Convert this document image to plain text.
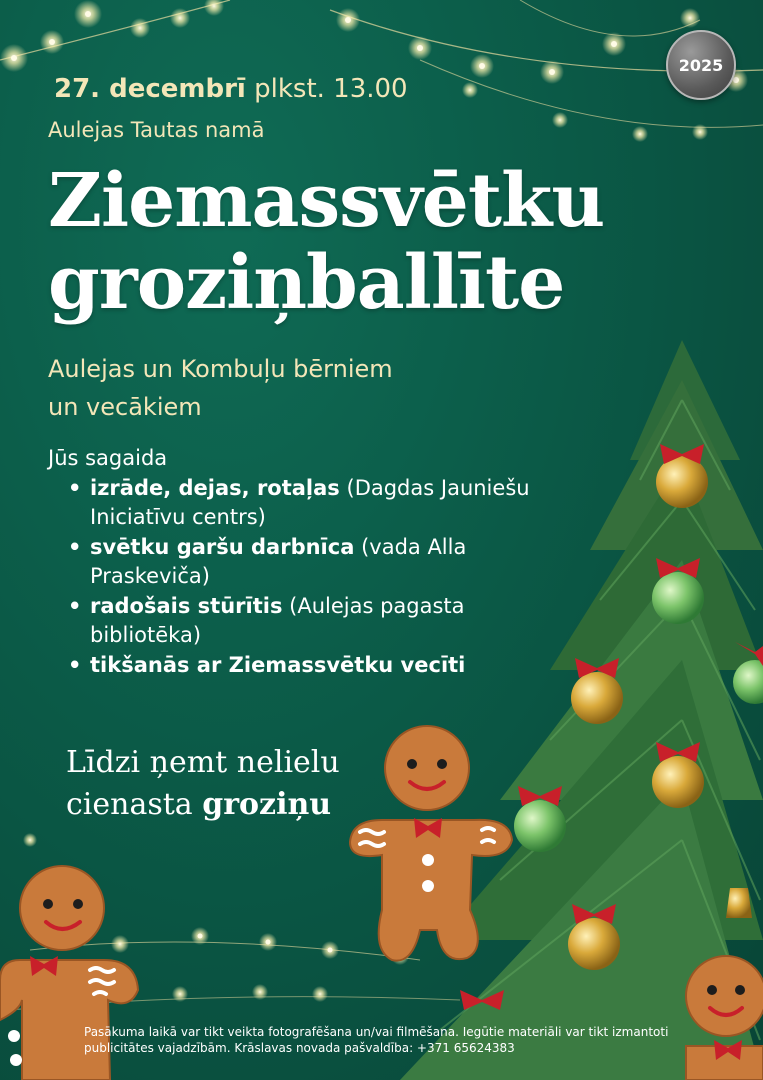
2025
27. decembrī plkst. 13.00
Aulejas Tautas namā
Ziemassvētku
groziņballīte
Aulejas un Kombuļu bērniem
un vecākiem
Jūs sagaida
• izrāde, dejas, rotaļas (Dagdas Jauniešu Iniciatīvu centrs)
• svētku garšu darbnīca (vada Alla Praskeviča)
• radošais stūrītis (Aulejas pagasta bibliotēka)
• tikšanās ar Ziemassvētku vecīti
Līdzi ņemt nelielu
cienasta groziņu
Pasākuma laikā var tikt veikta fotografēšana un/vai filmēšana. Iegūtie materiāli var tikt izmantoti publicitātes vajadzībām. Krāslavas novada pašvaldība: +371 65624383
